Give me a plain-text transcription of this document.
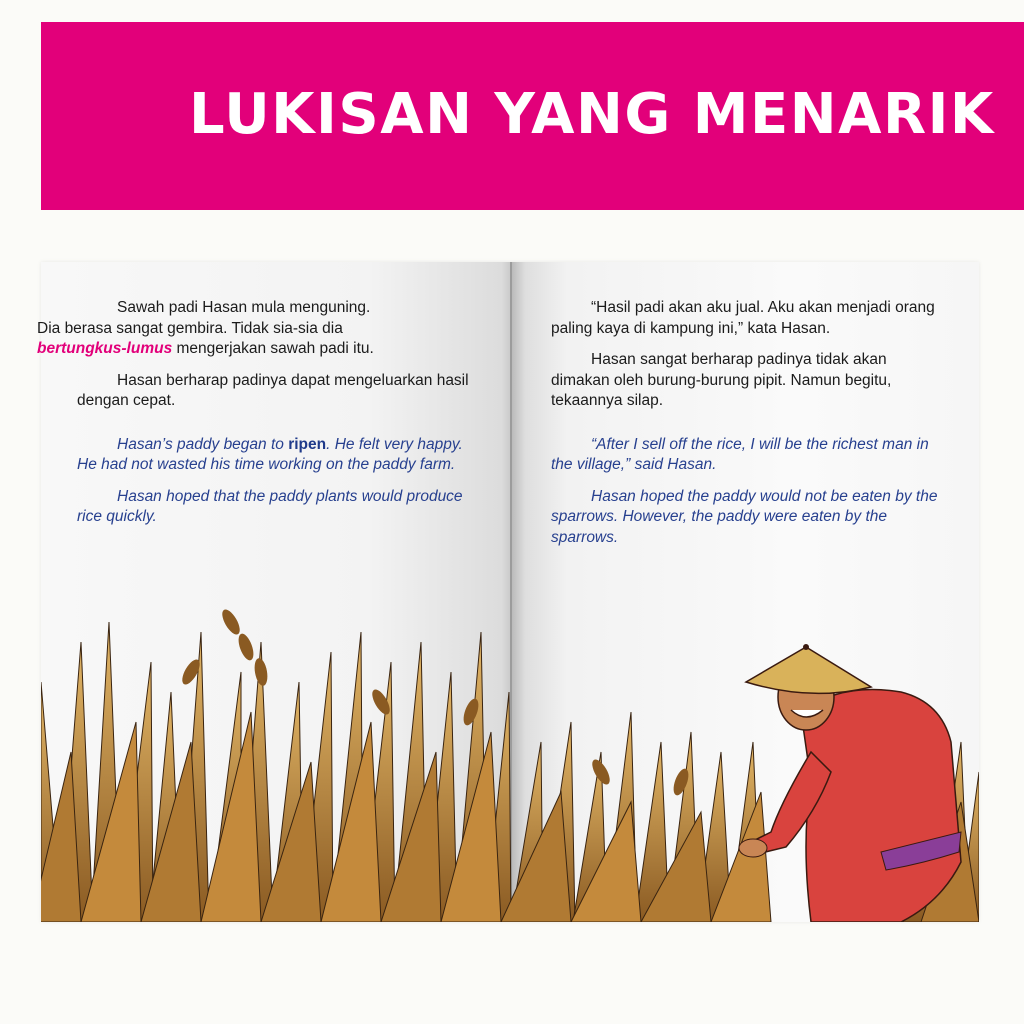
LUKISAN YANG MENARIK

Sawah padi Hasan mula menguning.
Dia berasa sangat gembira. Tidak sia-sia dia
bertungkus-lumus mengerjakan sawah padi itu.

Hasan berharap padinya dapat mengeluarkan hasil dengan cepat.

Hasan’s paddy began to ripen. He felt very happy. He had not wasted his time working on the paddy farm.

Hasan hoped that the paddy plants would produce rice quickly.

“Hasil padi akan aku jual. Aku akan menjadi orang paling kaya di kampung ini,” kata Hasan.

Hasan sangat berharap padinya tidak akan dimakan oleh burung-burung pipit. Namun begitu, tekaannya silap.

“After I sell off the rice, I will be the richest man in the village,” said Hasan.

Hasan hoped the paddy would not be eaten by the sparrows. However, the paddy were eaten by the sparrows.
